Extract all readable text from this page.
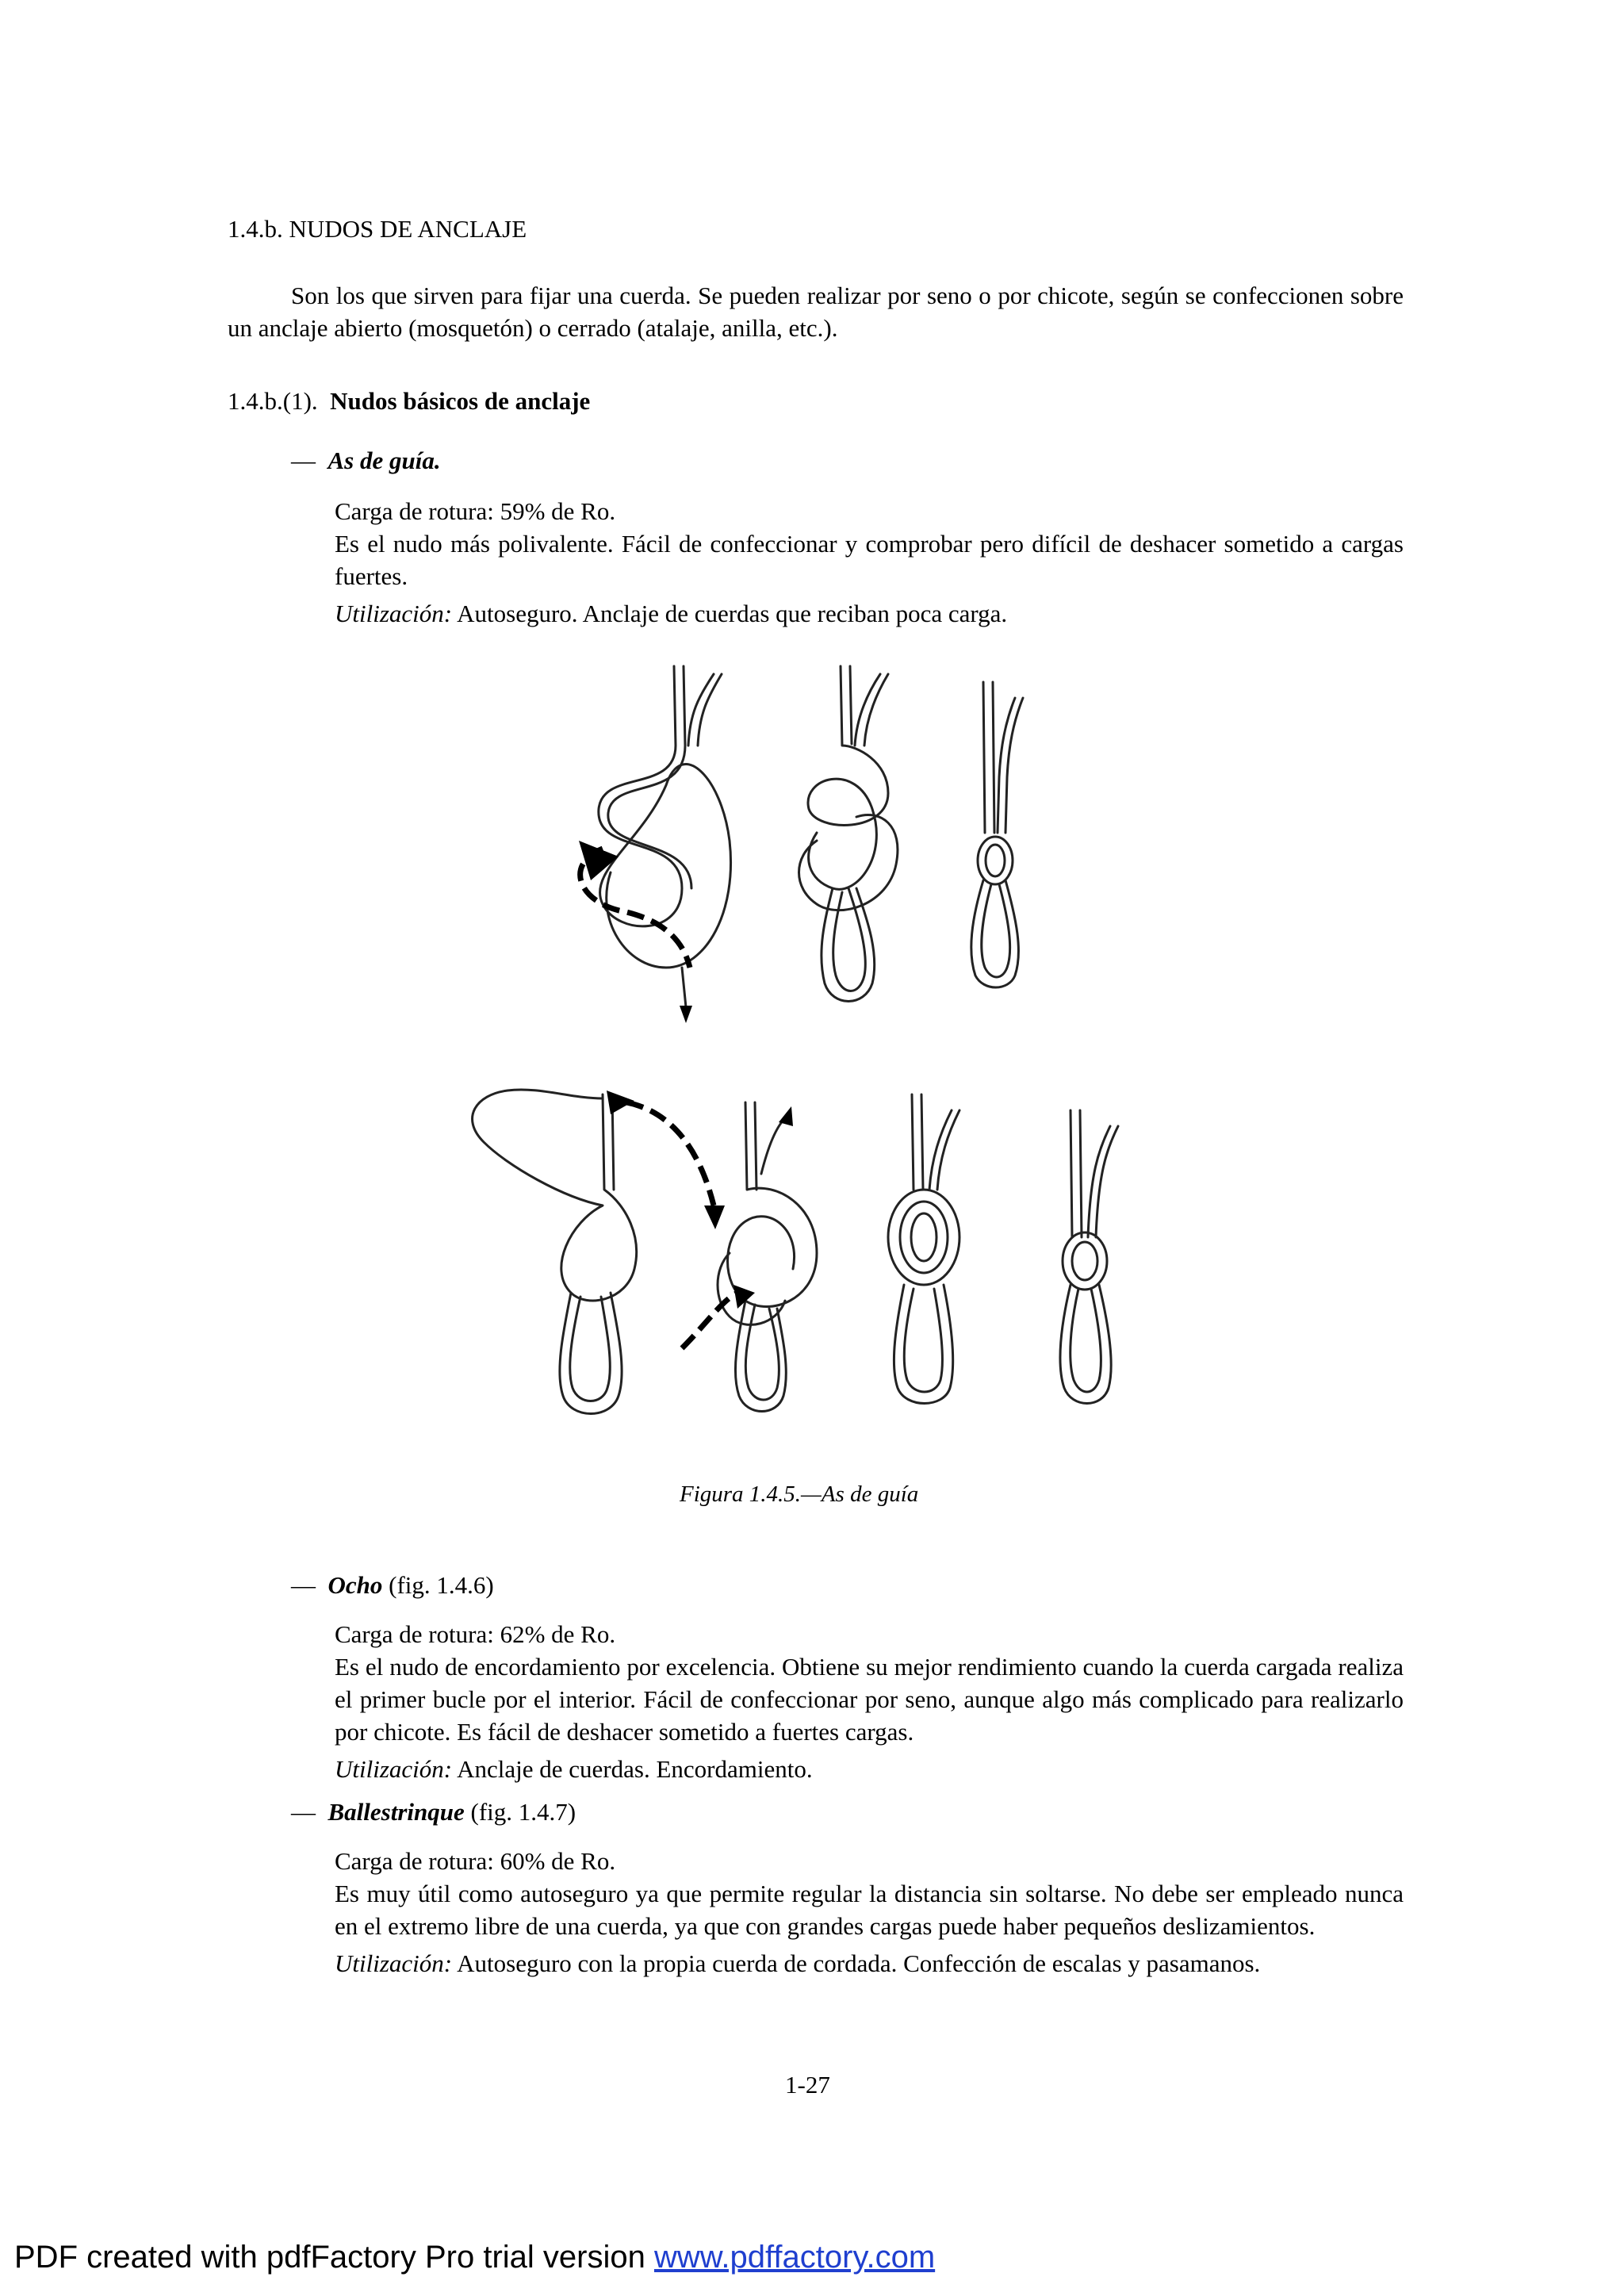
1.4.b. NUDOS DE ANCLAJE
Son los que sirven para fijar una cuerda. Se pueden realizar por seno o por chicote, según se confeccionen sobre un anclaje abierto (mosquetón) o cerrado (atalaje, anilla, etc.).
1.4.b.(1). Nudos básicos de anclaje
— As de guía.
Carga de rotura: 59% de Ro.
Es el nudo más polivalente. Fácil de confeccionar y comprobar pero difícil de deshacer sometido a cargas fuertes.
Utilización: Autoseguro. Anclaje de cuerdas que reciban poca carga.
Figura 1.4.5.—As de guía
— Ocho (fig. 1.4.6)
Carga de rotura: 62% de Ro.
Es el nudo de encordamiento por excelencia. Obtiene su mejor rendimiento cuando la cuerda cargada realiza el primer bucle por el interior. Fácil de confeccionar por seno, aunque algo más complicado para realizarlo por chicote. Es fácil de deshacer sometido a fuertes cargas.
Utilización: Anclaje de cuerdas. Encordamiento.
— Ballestrinque (fig. 1.4.7)
Carga de rotura: 60% de Ro.
Es muy útil como autoseguro ya que permite regular la distancia sin soltarse. No debe ser empleado nunca en el extremo libre de una cuerda, ya que con grandes cargas puede haber pequeños deslizamientos.
Utilización: Autoseguro con la propia cuerda de cordada. Confección de escalas y pasamanos.
1-27
PDF created with pdfFactory Pro trial version www.pdffactory.com
